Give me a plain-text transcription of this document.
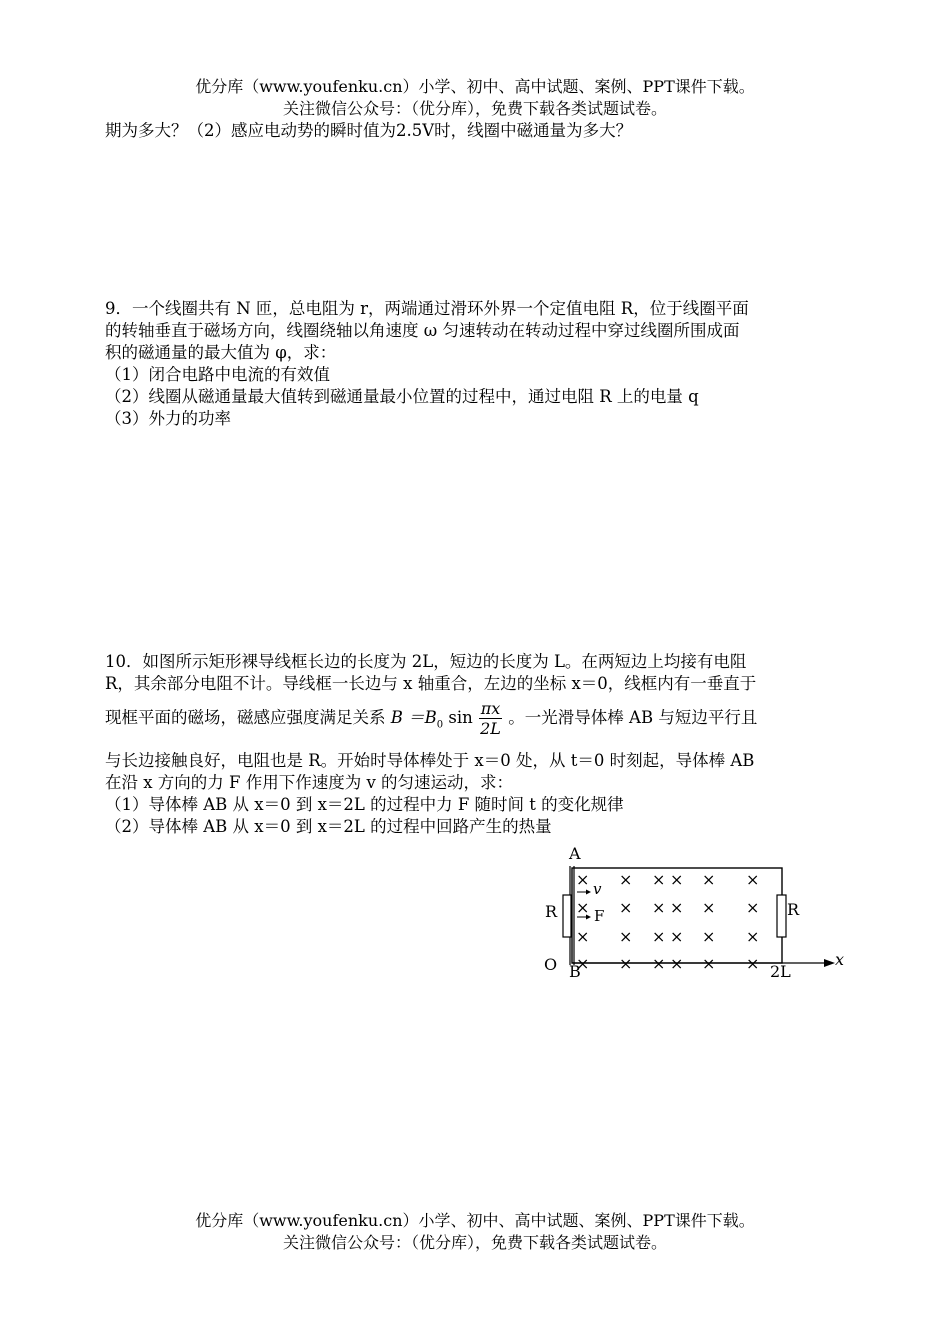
优分库（www.youfenku.cn）小学、初中、高中试题、案例、PPT课件下载。
关注微信公众号：（优分库），免费下载各类试题试卷。
期为多大？（2）感应电动势的瞬时值为2.5V时，线圈中磁通量为多大？
9．一个线圈共有 N 匝，总电阻为 r，两端通过滑环外界一个定值电阻 R，位于线圈平面
的转轴垂直于磁场方向，线圈绕轴以角速度 ω 匀速转动在转动过程中穿过线圈所围成面
积的磁通量的最大值为 φ，求：
（1）闭合电路中电流的有效值
（2）线圈从磁通量最大值转到磁通量最小位置的过程中，通过电阻 R 上的电量 q
（3）外力的功率
10．如图所示矩形裸导线框长边的长度为 2L，短边的长度为 L。在两短边上均接有电阻
R，其余部分电阻不计。导线框一长边与 x 轴重合，左边的坐标 x＝0，线框内有一垂直于
现框平面的磁场，磁感应强度满足关系 $B =B_0$ $\sin \frac{\pi x}{2L}$ 。一光滑导体棒 AB 与短边平行且
与长边接触良好，电阻也是 R。开始时导体棒处于 x＝0 处，从 t＝0 时刻起，导体棒 AB
在沿 x 方向的力 F 作用下作速度为 v 的匀速运动，求：
（1）导体棒 AB 从 x＝0 到 x＝2L 的过程中力 F 随时间 t 的变化规律
（2）导体棒 AB 从 x＝0 到 x＝2L 的过程中回路产生的热量
A
B
O	2L
x
R	R
v
F
× × × × × ×
× × × × × ×
× × × × × ×
× × × × × ×
优分库（www.youfenku.cn）小学、初中、高中试题、案例、PPT课件下载。
关注微信公众号：（优分库），免费下载各类试题试卷。
